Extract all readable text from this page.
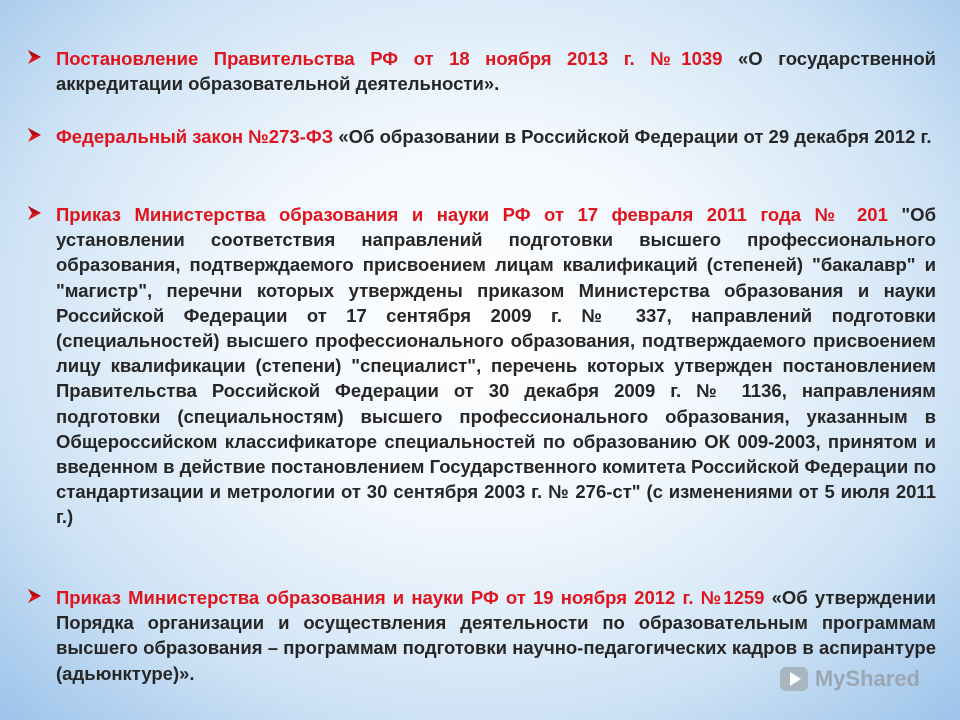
Постановление Правительства РФ от 18 ноября 2013 г. №1039 «О государственной аккредитации образовательной деятельности».
Федеральный закон №273-ФЗ «Об образовании в Российской Федерации от 29 декабря 2012 г.
Приказ Министерства образования и науки РФ от 17 февраля 2011 года № 201 "Об установлении соответствия направлений подготовки высшего профессионального образования, подтверждаемого присвоением лицам квалификаций (степеней) "бакалавр" и "магистр", перечни которых утверждены приказом Министерства образования и науки Российской Федерации от 17 сентября 2009 г. № 337, направлений подготовки (специальностей) высшего профессионального образования, подтверждаемого присвоением лицу квалификации (степени) "специалист", перечень которых утвержден постановлением Правительства Российской Федерации от 30 декабря 2009 г. № 1136, направлениям подготовки (специальностям) высшего профессионального образования, указанным в Общероссийском классификаторе специальностей по образованию ОК 009-2003, принятом и введенном в действие постановлением Государственного комитета Российской Федерации по стандартизации и метрологии от 30 сентября 2003 г. № 276-ст" (с изменениями от 5 июля 2011 г.)
Приказ Министерства образования и науки РФ от 19 ноября 2012 г. №1259 «Об утверждении Порядка организации и осуществления деятельности по образовательным программам высшего образования – программам подготовки научно-педагогических кадров в аспирантуре (адьюнктуре)».	MyShared
